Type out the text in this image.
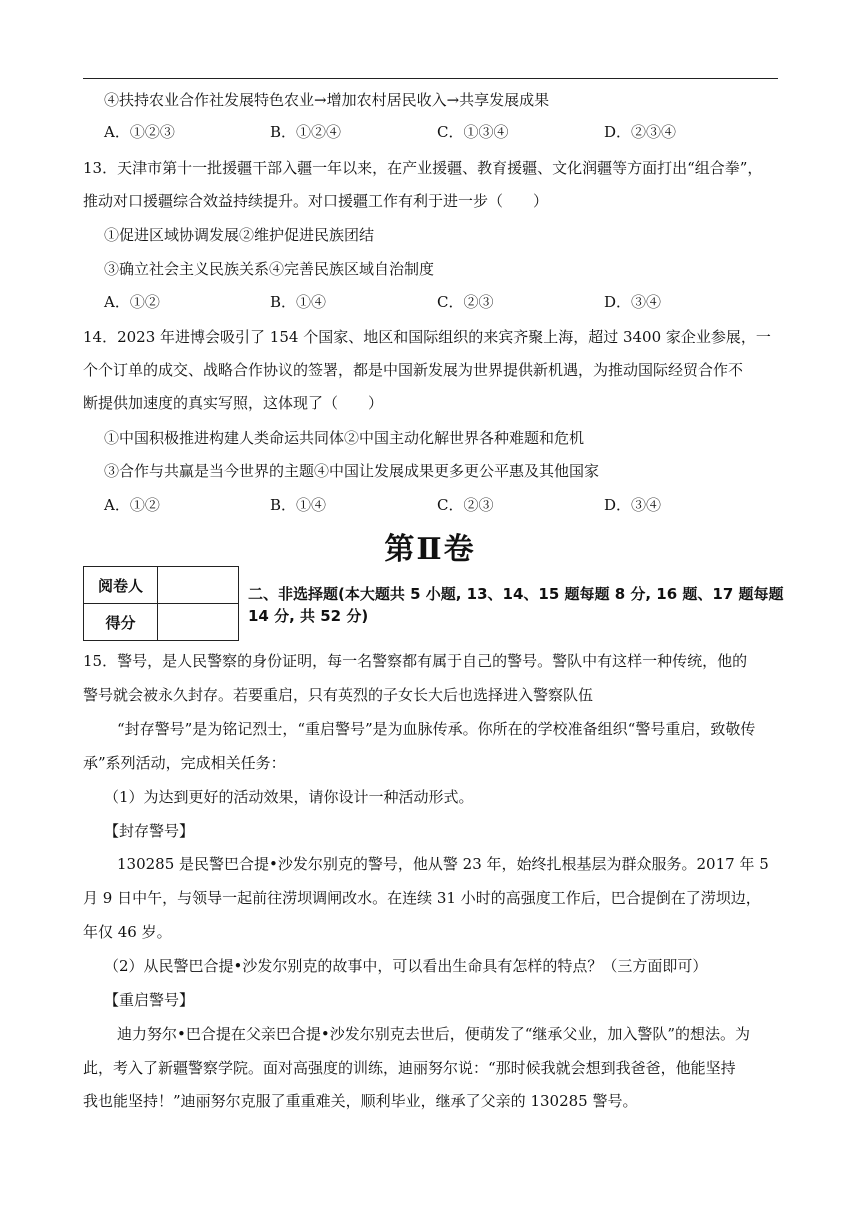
④扶持农业合作社发展特色农业→增加农村居民收入→共享发展成果
A．①②③	B．①②④	C．①③④	D．②③④
13．天津市第十一批援疆干部入疆一年以来，在产业援疆、教育援疆、文化润疆等方面打出“组合拳”，
推动对口援疆综合效益持续提升。对口援疆工作有利于进一步（　　）
①促进区域协调发展②维护促进民族团结
③确立社会主义民族关系④完善民族区域自治制度
A．①②	B．①④	C．②③	D．③④
14．2023 年进博会吸引了 154 个国家、地区和国际组织的来宾齐聚上海，超过 3400 家企业参展，一
个个订单的成交、战略合作协议的签署，都是中国新发展为世界提供新机遇，为推动国际经贸合作不
断提供加速度的真实写照，这体现了（　　）
①中国积极推进构建人类命运共同体②中国主动化解世界各种难题和危机
③合作与共赢是当今世界的主题④中国让发展成果更多更公平惠及其他国家
A．①②	B．①④	C．②③	D．③④
第Ⅱ卷
阅卷人	
得分	
二、非选择题(本大题共 5 小题, 13、14、15 题每题 8 分, 16 题、17 题每题 14 分, 共 52 分)
15．警号，是人民警察的身份证明，每一名警察都有属于自己的警号。警队中有这样一种传统，他的
警号就会被永久封存。若要重启，只有英烈的子女长大后也选择进入警察队伍
“封存警号”是为铭记烈士，“重启警号”是为血脉传承。你所在的学校准备组织“警号重启，致敬传
承”系列活动，完成相关任务：
（1）为达到更好的活动效果，请你设计一种活动形式。
【封存警号】
130285 是民警巴合提•沙发尔别克的警号，他从警 23 年，始终扎根基层为群众服务。2017 年 5
月 9 日中午，与领导一起前往涝坝调闸改水。在连续 31 小时的高强度工作后，巴合提倒在了涝坝边，
年仅 46 岁。
（2）从民警巴合提•沙发尔别克的故事中，可以看出生命具有怎样的特点？（三方面即可）
【重启警号】
迪力努尔•巴合提在父亲巴合提•沙发尔别克去世后，便萌发了“继承父业，加入警队”的想法。为
此，考入了新疆警察学院。面对高强度的训练，迪丽努尔说：“那时候我就会想到我爸爸，他能坚持
我也能坚持！”迪丽努尔克服了重重难关，顺利毕业，继承了父亲的 130285 警号。
